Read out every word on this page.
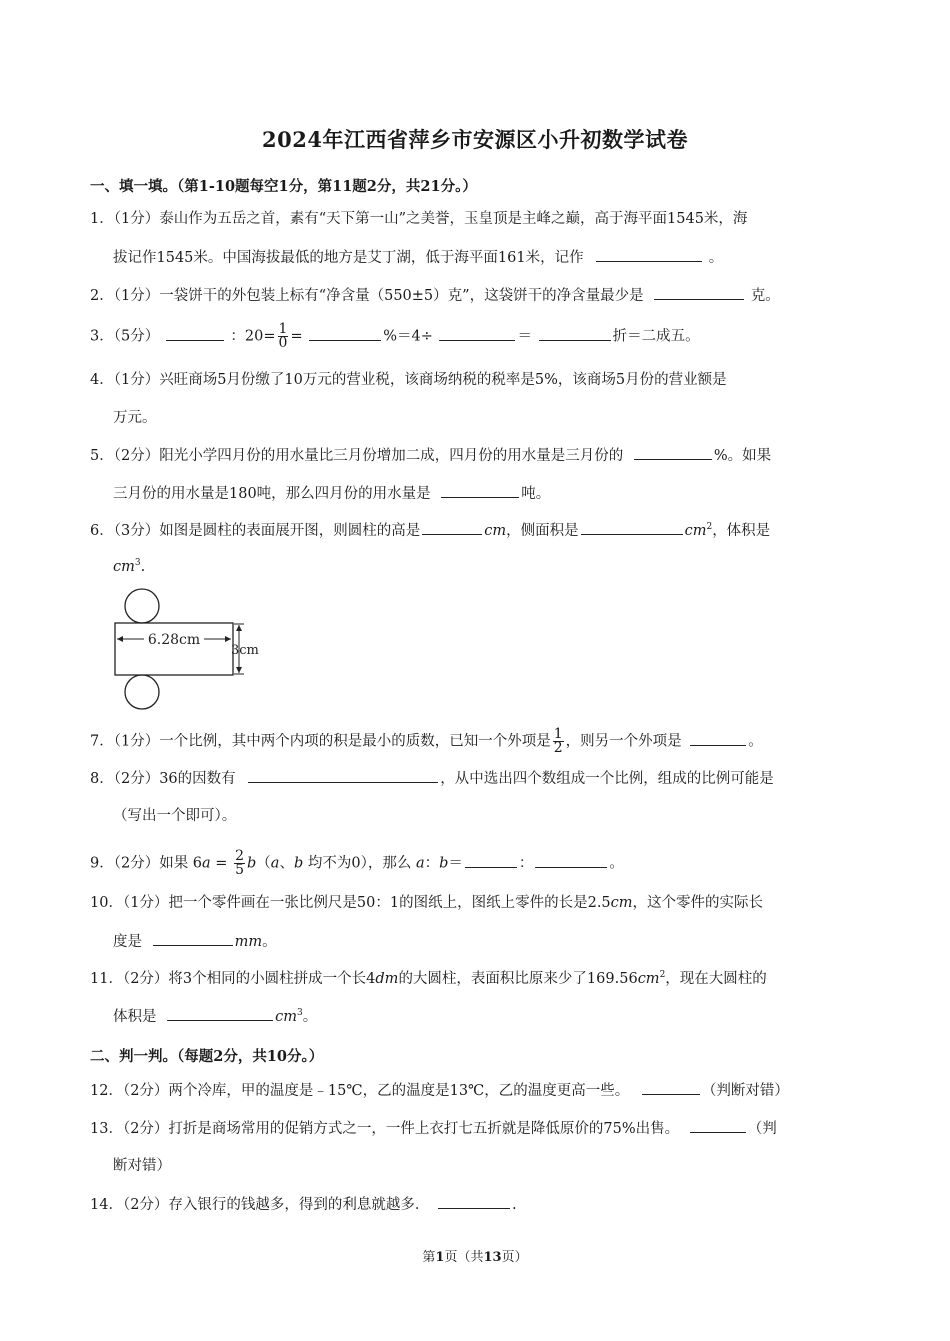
2024年江西省萍乡市安源区小升初数学试卷
一、填一填。（第1-10题每空1分，第11题2分，共21分。）
1．（1分）泰山作为五岳之首，素有“天下第一山”之美誉，玉皇顶是主峰之巅，高于海平面1545米，海
拔记作1545米。中国海拔最低的地方是艾丁湖，低于海平面161米，记作	。
2．（1分）一袋饼干的外包装上标有“净含量（550±5）克”，这袋饼干的净含量最少是	克。
3．（5分）	：$20= \frac{1}{0}$ =	%＝4÷	＝	折＝二成五。
4．（1分）兴旺商场5月份缴了10万元的营业税，该商场纳税的税率是5%，该商场5月份的营业额是
万元。
5．（2分）阳光小学四月份的用水量比三月份增加二成，四月份的用水量是三月份的	%。如果
三月份的用水量是180吨，那么四月份的用水量是	吨。
6．（3分）如图是圆柱的表面展开图，则圆柱的高是	cm，侧面积是	$cm^2$，体积是
$cm^3$.
6.28cm
3cm
7．（1分）一个比例，其中两个内项的积是最小的质数，已知一个外项是 $\frac{1}{2}$ ，则另一个外项是	。
8．（2分）36的因数有	，从中选出四个数组成一个比例，组成的比例可能是
（写出一个即可）。
9．（2分）如果 $6a = \frac{2}{5} b(a$、b 均不为0），那么 a：b＝	：	。
10．（1分）把一个零件画在一张比例尺是50：1的图纸上，图纸上零件的长是2.5cm，这个零件的实际长
度是	mm。
11．（2分）将3个相同的小圆柱拼成一个长4dm的大圆柱，表面积比原来少了$169.56cm^2$，现在大圆柱的
体积是	$cm^3$。
二、判一判。（每题2分，共10分。）
12．（2分）两个冷库，甲的温度是﹣15℃，乙的温度是13℃，乙的温度更高一些。	（判断对错）
13．（2分）打折是商场常用的促销方式之一，一件上衣打七五折就是降低原价的75%出售。	（判
断对错）
14．（2分）存入银行的钱越多，得到的利息就越多．	.
第1页（共13页）
